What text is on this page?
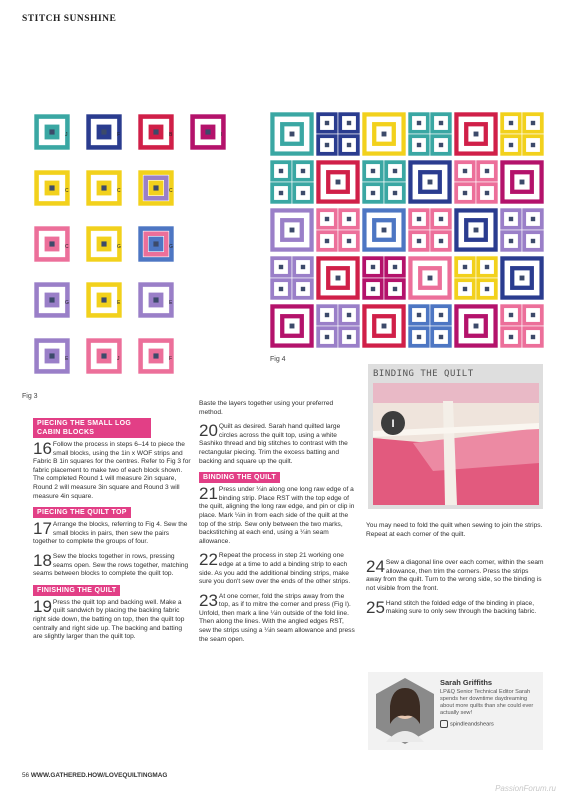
STITCH SUNSHINE
J	F	B	I
C	C	C
C	G	G
G	E	E
E	J	F
Fig 3
Fig 4
PIECING THE SMALL LOG CABIN BLOCKS
16 Follow the process in steps 6–14 to piece the small blocks, using the 1in x WOF strips and Fabric B 1in squares for the centres. Refer to Fig 3 for fabric placement to make two of each block shown. The completed Round 1 will measure 2in square, Round 2 will measure 3in square and Round 3 will measure 4in square.
PIECING THE QUILT TOP
17 Arrange the blocks, referring to Fig 4. Sew the small blocks in pairs, then sew the pairs together to complete the groups of four.
18 Sew the blocks together in rows, pressing seams open. Sew the rows together, matching seams between blocks to complete the quilt top.
FINISHING THE QUILT
19 Press the quilt top and backing well. Make a quilt sandwich by placing the backing fabric right side down, the batting on top, then the quilt top centrally and right side up. The backing and batting are slightly larger than the quilt top.
Baste the layers together using your preferred method.
20 Quilt as desired. Sarah hand quilted large circles across the quilt top, using a white Sashiko thread and big stitches to contrast with the rectangular piecing. Trim the excess batting and backing and square up the quilt.
BINDING THE QUILT
21 Press under ¼in along one long raw edge of a binding strip. Place RST with the top edge of the quilt, aligning the long raw edge, and pin or clip in place. Mark ¼in in from each side of the quilt at the top of the strip. Sew only between the two marks, backstitching at each end, using a ¼in seam allowance.
22 Repeat the process in step 21 working one edge at a time to add a binding strip to each side. As you add the additional binding strips, make sure you don't sew over the ends of the other strips.
23 At one corner, fold the strips away from the top, as if to mitre the corner and press (Fig I). Unfold, then mark a line ¼in outside of the fold line. Then along the lines. With the angled edges RST, sew the strips using a ¼in seam allowance and press the seam open.
BINDING THE QUILT
I
You may need to fold the quilt when sewing to join the strips. Repeat at each corner of the quilt.
24 Sew a diagonal line over each corner, within the seam allowance, then trim the corners. Press the strips away from the quilt. Turn to the wrong side, so the binding is not visible from the front.
25 Hand stitch the folded edge of the binding in place, making sure to only sew through the backing fabric.
Sarah Griffiths
LP&Q Senior Technical Editor Sarah spends her downtime daydreaming about more quilts than she could ever actually sew!
spindleandshears
56 WWW.GATHERED.HOW/LOVEQUILTINGMAG
PassionForum.ru
